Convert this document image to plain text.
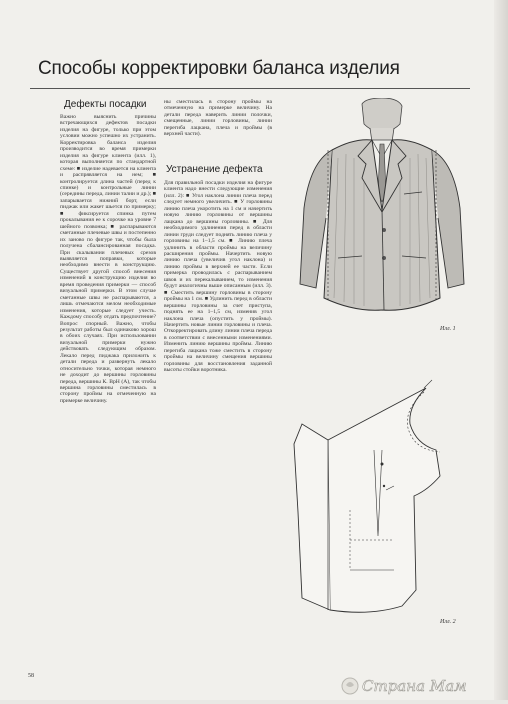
Способы корректировки баланса изделия
Дефекты посадки

Важно выяснить причины встречающихся дефектов посадки изделия на фигуре, только при этом условии можно успешно их устранить. Корректировка баланса изделия производится во время примерки изделия на фигуре клиента (илл. 1), которая выполняется по стандартной схеме: ■ изделие надевается на клиента и распрявляется на нем; ■ контролируется длина частей (перед к спинке) и контрольные линии (середины переда, линии талии и др.); ■ запарывается нижний борт, если пиджак или жакет шьется по примерку; ■ фиксируется спинка путем прокалывания ее к сорочке на уровне 7 шейного позвонка; ■ распарываются сметанные плечевые швы и постепенно их заново по фигуре так, чтобы была получена сбалансированная посадка. При скалывании плечевых срезов выявляется поправки, которые необходимо внести в конструкцию. Существует другой способ внесения изменений в конструкцию изделия во время проведения примерки — способ визуальной примерки. В этом случае сметанные швы не распарываются, а лишь отмечаются мелом необходимые изменения, которые следует учесть. Каждому способу отдать предпочтение? Вопрос спорный. Важно, чтобы результат работы был одинаково хорош в обоих случаях. При использовании визуальной примерки нужно действовать следующим образом. Лекало перед пиджака приложить к детали переда и развернуть лекало относительно точки, которая немного не доходит до вершины горловины переда, вершины К. ВрН (А), так чтобы вершина горловины сместилась в сторону проймы на отмеченную на примерке величину.

ны сместилась в сторону проймы на отмеченную на примерке величину. На детали переда наверить линии полочки, смещенные, линии горловины, линии перегиба лацкана, плеча и проймы (в верхней части).

Устранение дефекта

Для правильной посадки изделия на фигуре клиента надо внести следующие изменения (илл. 2): ■ Угол наклона линии плеча перед следует немного увеличить. ■ У горловины линию плеча укоротить на 1 см и начертить новую линию горловины от вершины лацкана до вершины горловины. ■ Для необходимого удлинения перед в области линии груди следует поднять линию плеча у горловины на 1–1,5 см. ■ Линию плеча удлинить в области проймы на величину расширения проймы. Начертить новую линию плеча (увеличив угол наклона) и линию проймы в верхней ее части. Если примерка проводилась с распарыванием швов и их перекалыванием, то изменения будут аналогичны выше описанным (илл. 3). ■ Сместить вершину горловины в сторону проймы на 1 см. ■ Удлинить перед в области вершины горловины за счет приступа, поднять ее на 1–1,5 см, изменив угол наклона плеча (опустить у проймы). Начертить новые линии горловины и плеча. Откорректировать длину линии плеча переда в соответствии с внесенными изменениями. Изменить линию вершины проймы. Линию перегиба лацкана тоже сместить в сторону проймы на величину смещения вершины горловины для восстановления заданной высоты стойки воротника.

Илл. 1
Илл. 2
58
Страна Мам
